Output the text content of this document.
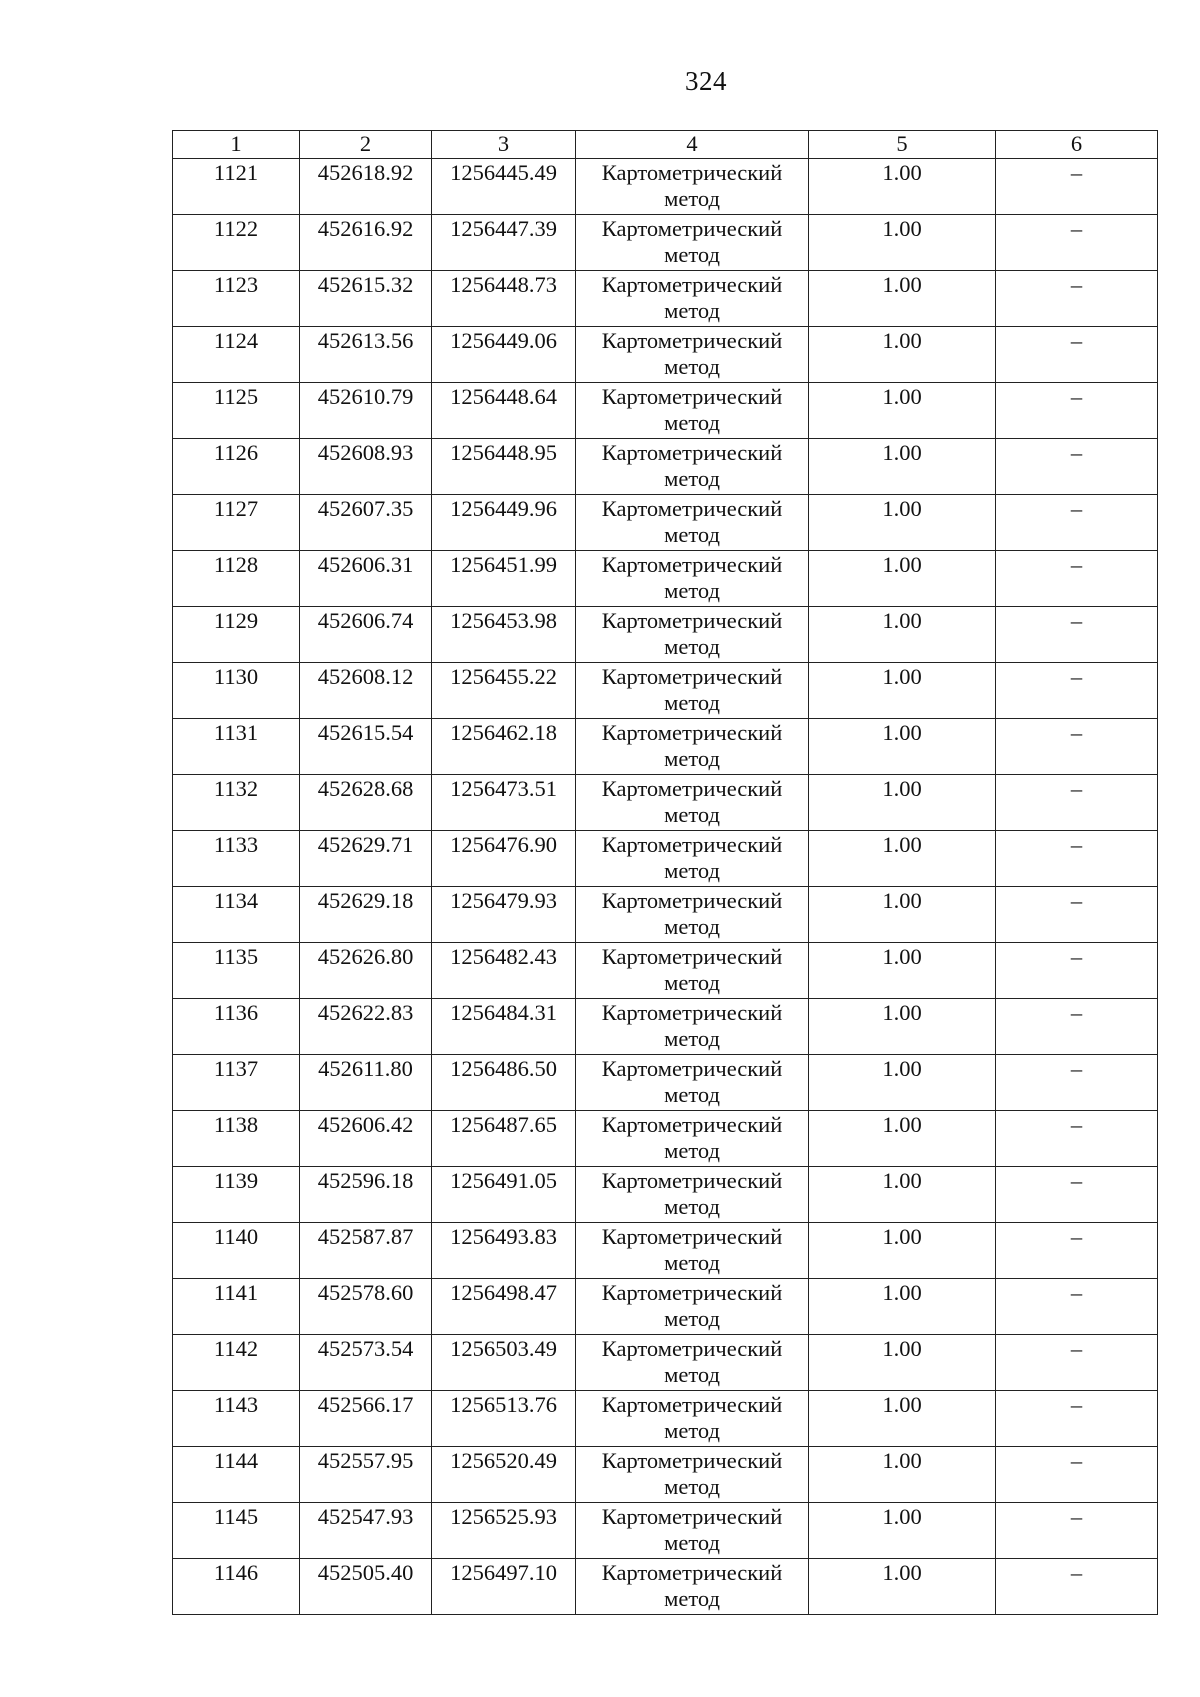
324
1	2	3	4	5	6
1121	452618.92	1256445.49	Картометрический метод	1.00	–
1122	452616.92	1256447.39	Картометрический метод	1.00	–
1123	452615.32	1256448.73	Картометрический метод	1.00	–
1124	452613.56	1256449.06	Картометрический метод	1.00	–
1125	452610.79	1256448.64	Картометрический метод	1.00	–
1126	452608.93	1256448.95	Картометрический метод	1.00	–
1127	452607.35	1256449.96	Картометрический метод	1.00	–
1128	452606.31	1256451.99	Картометрический метод	1.00	–
1129	452606.74	1256453.98	Картометрический метод	1.00	–
1130	452608.12	1256455.22	Картометрический метод	1.00	–
1131	452615.54	1256462.18	Картометрический метод	1.00	–
1132	452628.68	1256473.51	Картометрический метод	1.00	–
1133	452629.71	1256476.90	Картометрический метод	1.00	–
1134	452629.18	1256479.93	Картометрический метод	1.00	–
1135	452626.80	1256482.43	Картометрический метод	1.00	–
1136	452622.83	1256484.31	Картометрический метод	1.00	–
1137	452611.80	1256486.50	Картометрический метод	1.00	–
1138	452606.42	1256487.65	Картометрический метод	1.00	–
1139	452596.18	1256491.05	Картометрический метод	1.00	–
1140	452587.87	1256493.83	Картометрический метод	1.00	–
1141	452578.60	1256498.47	Картометрический метод	1.00	–
1142	452573.54	1256503.49	Картометрический метод	1.00	–
1143	452566.17	1256513.76	Картометрический метод	1.00	–
1144	452557.95	1256520.49	Картометрический метод	1.00	–
1145	452547.93	1256525.93	Картометрический метод	1.00	–
1146	452505.40	1256497.10	Картометрический метод	1.00	–
